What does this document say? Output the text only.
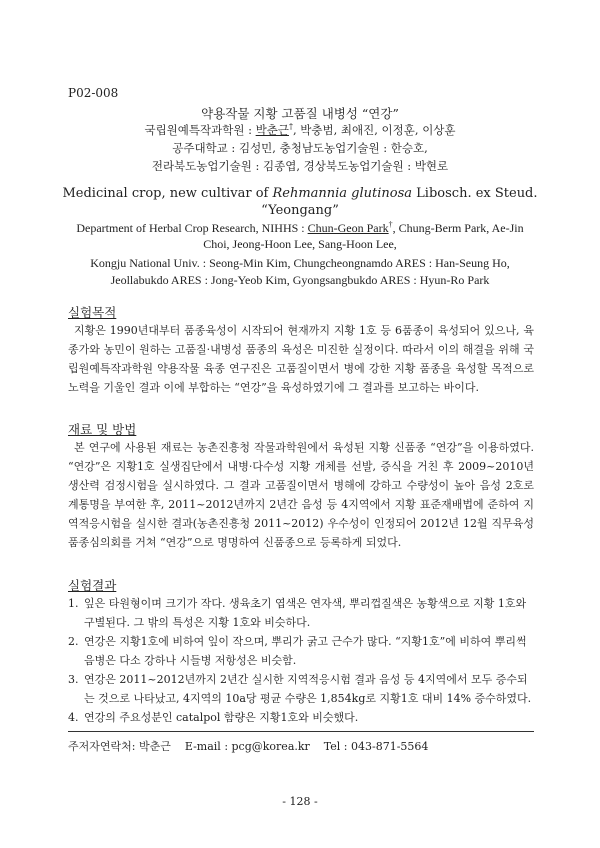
P02-008
약용작물 지황 고품질 내병성 “연강”
국립원예특작과학원 : 박춘근†, 박충범, 최애진, 이정훈, 이상훈
공주대학교 : 김성민, 충청남도농업기술원 : 한승호,
전라북도농업기술원 : 김종엽, 경상북도농업기술원 : 박현로
Medicinal crop, new cultivar of Rehmannia glutinosa Libosch. ex Steud.
“Yeongang”
Department of Herbal Crop Research, NIHHS : Chun-Geon Park†, Chung-Berm Park, Ae-Jin
Choi, Jeong-Hoon Lee, Sang-Hoon Lee,
Kongju National Univ. : Seong-Min Kim, Chungcheongnamdo ARES : Han-Seung Ho,
Jeollabukdo ARES : Jong-Yeob Kim, Gyongsangbukdo ARES : Hyun-Ro Park
실험목적
지황은 1990년대부터 품종육성이 시작되어 현재까지 지황 1호 등 6품종이 육성되어 있으나, 육종가와 농민이 원하는 고품질·내병성 품종의 육성은 미진한 실정이다. 따라서 이의 해결을 위해 국립원예특작과학원 약용작물 육종 연구진은 고품질이면서 병에 강한 지황 품종을 육성할 목적으로 노력을 기울인 결과 이에 부합하는 “연강”을 육성하였기에 그 결과를 보고하는 바이다.
재료 및 방법
본 연구에 사용된 재료는 농촌진흥청 작물과학원에서 육성된 지황 신품종 “연강”을 이용하였다. “연강”은 지황1호 실생집단에서 내병·다수성 지황 개체를 선발, 증식을 거친 후 2009~2010년 생산력 검정시험을 실시하였다. 그 결과 고품질이면서 병해에 강하고 수량성이 높아 음성 2호로 계통명을 부여한 후, 2011~2012년까지 2년간 음성 등 4지역에서 지황 표준재배법에 준하여 지역적응시험을 실시한 결과(농촌진흥청 2011~2012) 우수성이 인정되어 2012년 12월 직무육성 품종심의회를 거쳐 “연강”으로 명명하여 신품종으로 등록하게 되었다.
실험결과
1. 잎은 타원형이며 크기가 작다. 생육초기 엽색은 연자색, 뿌리껍질색은 농황색으로 지황 1호와 구별된다. 그 밖의 특성은 지황 1호와 비슷하다.
2. 연강은 지황1호에 비하여 잎이 작으며, 뿌리가 굵고 근수가 많다. “지황1호”에 비하여 뿌리썩음병은 다소 강하나 시들병 저항성은 비슷함.
3. 연강은 2011~2012년까지 2년간 실시한 지역적응시험 결과 음성 등 4지역에서 모두 증수되는 것으로 나타났고, 4지역의 10a당 평균 수량은 1,854kg로 지황1호 대비 14% 증수하였다.
4. 연강의 주요성분인 catalpol 함량은 지황1호와 비슷했다.
주저자연락처: 박춘근 E-mail : pcg@korea.kr Tel : 043-871-5564
- 128 -
